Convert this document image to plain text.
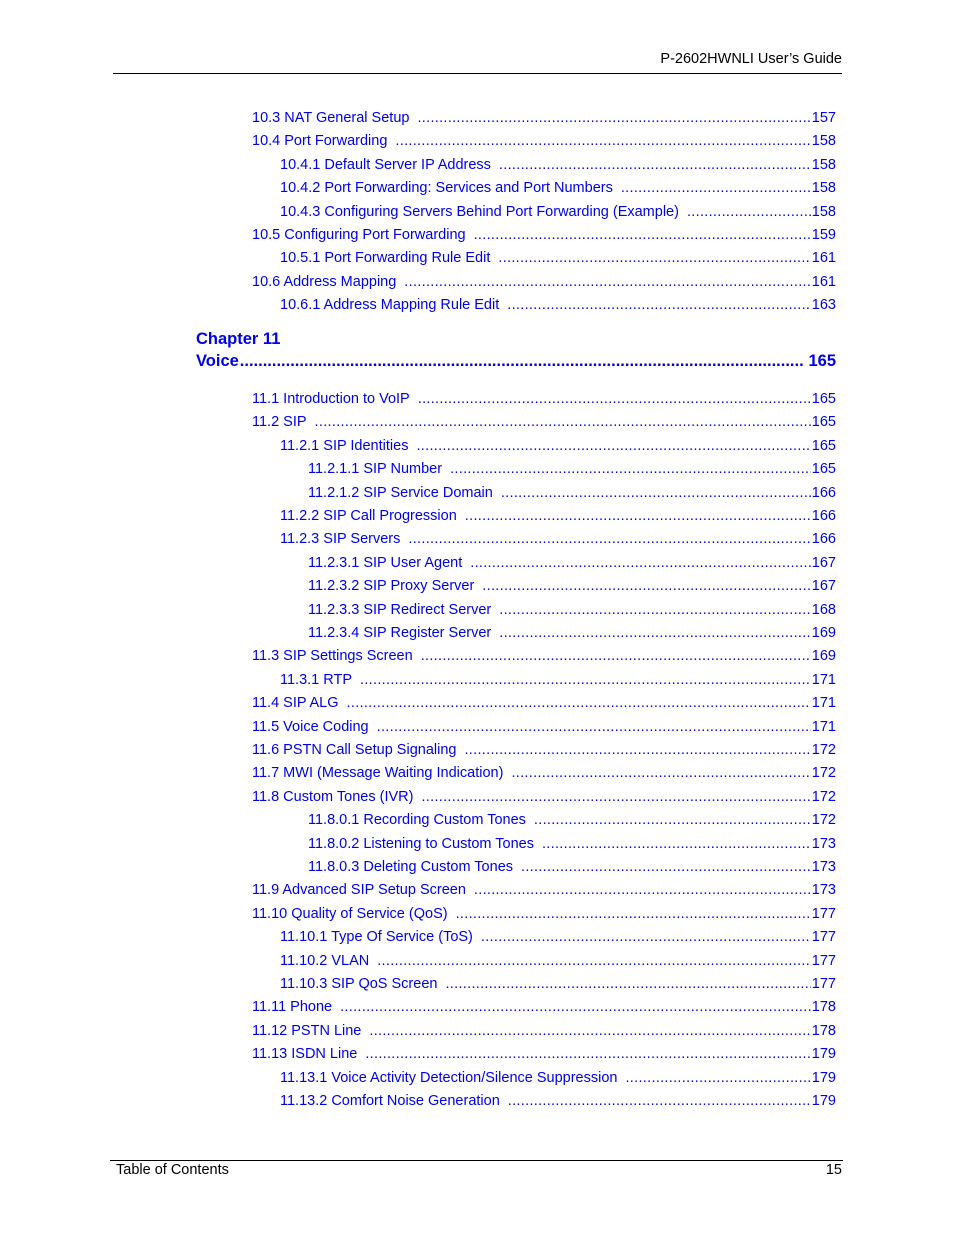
P-2602HWNLI User’s Guide
10.3 NAT General Setup .....	157
10.4 Port Forwarding .....	158
10.4.1 Default Server IP Address .....	158
10.4.2 Port Forwarding: Services and Port Numbers .....	158
10.4.3 Configuring Servers Behind Port Forwarding (Example) .....	158
10.5 Configuring Port Forwarding .....	159
10.5.1 Port Forwarding Rule Edit .....	161
10.6 Address Mapping .....	161
10.6.1 Address Mapping Rule Edit .....	163
Chapter 11
Voice .....	165
11.1 Introduction to VoIP .....	165
11.2 SIP .....	165
11.2.1 SIP Identities .....	165
11.2.1.1 SIP Number .....	165
11.2.1.2 SIP Service Domain .....	166
11.2.2 SIP Call Progression .....	166
11.2.3 SIP Servers .....	166
11.2.3.1 SIP User Agent .....	167
11.2.3.2 SIP Proxy Server .....	167
11.2.3.3 SIP Redirect Server .....	168
11.2.3.4 SIP Register Server .....	169
11.3 SIP Settings Screen .....	169
11.3.1 RTP .....	171
11.4 SIP ALG .....	171
11.5 Voice Coding .....	171
11.6 PSTN Call Setup Signaling .....	172
11.7 MWI (Message Waiting Indication) .....	172
11.8 Custom Tones (IVR) .....	172
11.8.0.1 Recording Custom Tones .....	172
11.8.0.2 Listening to Custom Tones .....	173
11.8.0.3 Deleting Custom Tones .....	173
11.9 Advanced SIP Setup Screen .....	173
11.10 Quality of Service (QoS) .....	177
11.10.1 Type Of Service (ToS) .....	177
11.10.2 VLAN .....	177
11.10.3 SIP QoS Screen .....	177
11.11 Phone .....	178
11.12 PSTN Line .....	178
11.13 ISDN Line .....	179
11.13.1 Voice Activity Detection/Silence Suppression .....	179
11.13.2 Comfort Noise Generation .....	179
Table of Contents	15
